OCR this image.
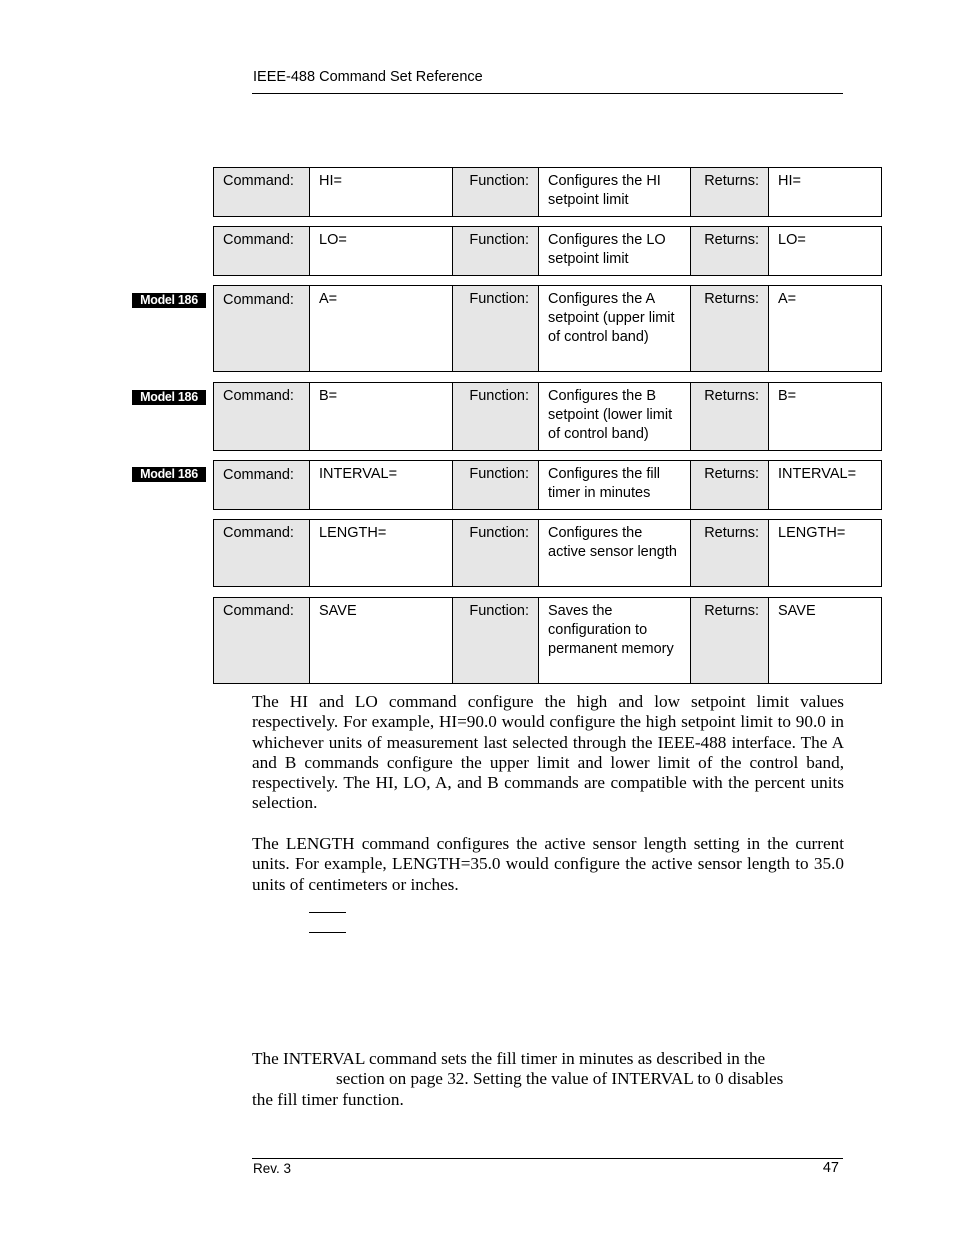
IEEE-488 Command Set Reference
Model 186
Model 186
Model 186
Command:	HI=	Function:	Configures the HI setpoint limit	Returns:	HI=
Command:	LO=	Function:	Configures the LO setpoint limit	Returns:	LO=
Command:	A=	Function:	Configures the A setpoint (upper limit of control band)	Returns:	A=
Command:	B=	Function:	Configures the B setpoint (lower limit of control band)	Returns:	B=
Command:	INTERVAL=	Function:	Configures the fill timer in minutes	Returns:	INTERVAL=
Command:	LENGTH=	Function:	Configures the active sensor length	Returns:	LENGTH=
Command:	SAVE	Function:	Saves the configuration to permanent memory	Returns:	SAVE
The HI and LO command configure the high and low setpoint limit values respectively. For example, HI=90.0 would configure the high setpoint limit to 90.0 in whichever units of measurement last selected through the IEEE-488 interface. The A and B commands configure the upper limit and lower limit of the control band, respectively. The HI, LO, A, and B commands are compatible with the percent units selection.
The LENGTH command configures the active sensor length setting in the current units. For example, LENGTH=35.0 would configure the active sensor length to 35.0 units of centimeters or inches.
The INTERVAL command sets the fill timer in minutes as described in the
section on page 32. Setting the value of INTERVAL to 0 disables
the fill timer function.
Rev. 3	47
